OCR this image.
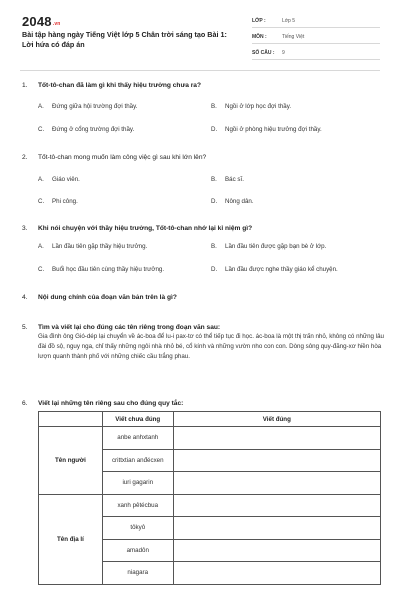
2048.vn
Bài tập hàng ngày Tiếng Việt lớp 5 Chân trời sáng tạo Bài 1: Lời hứa có đáp án
LỚP :	Lớp 5
MÔN :	Tiếng Việt
SỐ CÂU :	9
1. Tốt-tô-chan đã làm gì khi thấy hiệu trưởng chưa ra?
A. Đứng giữa hội trường đợi thầy.	B. Ngồi ở lớp học đợi thầy.
C. Đứng ở cổng trường đợi thầy.	D. Ngồi ở phòng hiệu trưởng đợi thầy.
2. Tốt-tô-chan mong muốn làm công việc gì sau khi lớn lên?
A. Giáo viên.	B. Bác sĩ.
C. Phi công.	D. Nông dân.
3. Khi nói chuyện với thầy hiệu trưởng, Tốt-tô-chan nhớ lại kỉ niệm gì?
A. Lần đầu tiên gặp thầy hiệu trưởng.	B. Lần đầu tiên được gặp bạn bè ở lớp.
C. Buổi học đầu tiên cùng thầy hiệu trưởng.	D. Lần đầu được nghe thầy giáo kể chuyện.
4. Nội dung chính của đoạn văn bản trên là gì?
5. Tìm và viết lại cho đúng các tên riêng trong đoạn văn sau:
Gia đình ông Gió-dép lại chuyển về ác-boa để lu-i pax-tơ có thể tiếp tục đi học. ác-boa là một thị trấn nhỏ, không có những lâu đài đồ sộ, nguy nga, chỉ thấy những ngôi nhà nhỏ bé, cổ kính và những vườn nho con con. Dòng sông quy-đăng-xơ hiền hòa lượn quanh thành phố với những chiếc cầu trắng phau.
6. Viết lại những tên riêng sau cho đúng quy tắc:
	Viết chưa đúng	Viết đúng
Tên người	anbe anhxtanh	
	crittxtian anđécxen	
	iuri gagarin	
Tên địa lí	xanh pêtécbua	
	tôkyô	
	amadôn	
	niagara	
